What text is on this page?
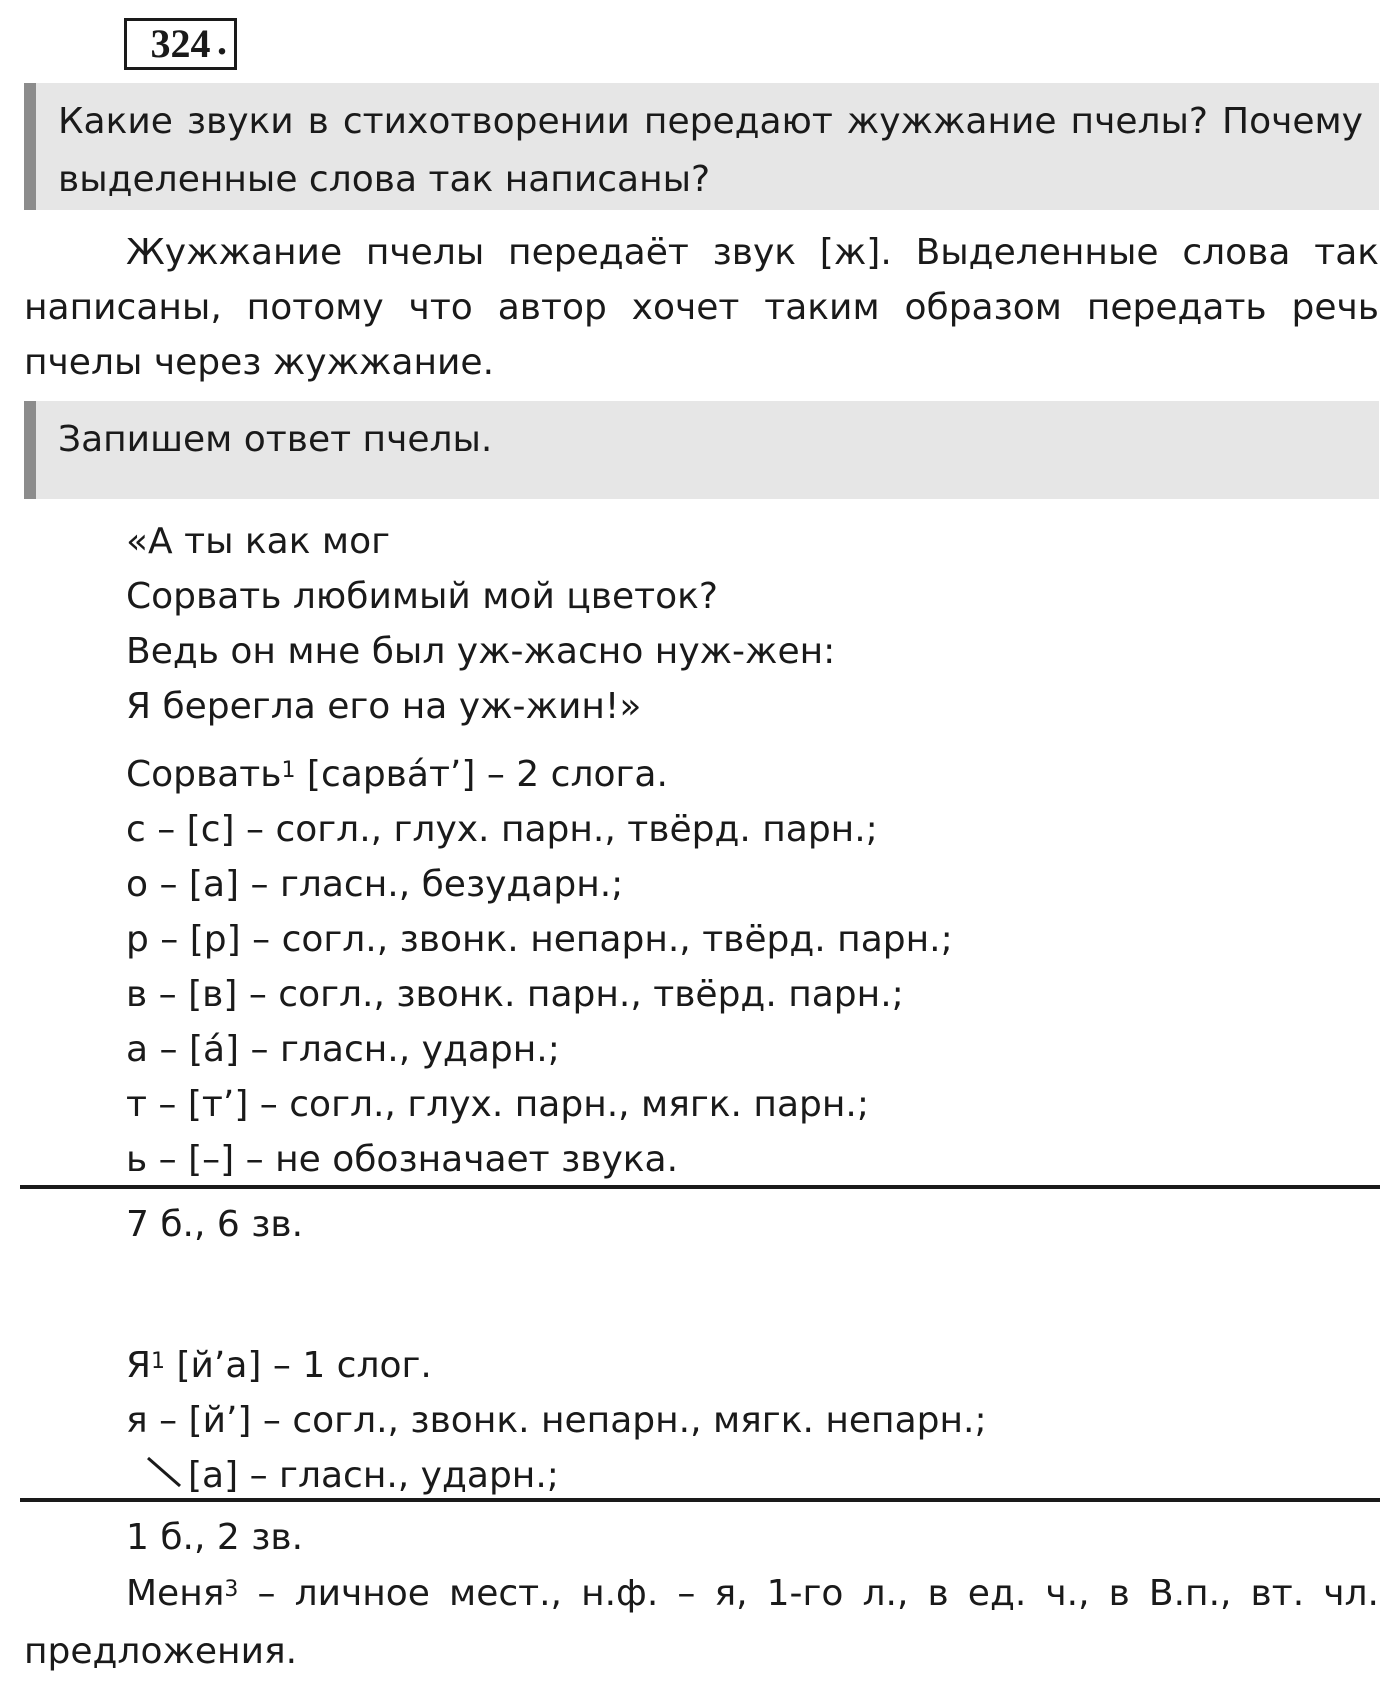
324 .
Какие звуки в стихотворении передают жужжание пчелы? Почему выделенные слова так написаны?
Жужжание пчелы передаёт звук [ж]. Выделенные слова так написаны, потому что автор хочет таким образом передать речь пчелы через жужжание.
Запишем ответ пчелы.
«А ты как мог
Сорвать любимый мой цветок?
Ведь он мне был уж-жасно нуж-жен:
Я берегла его на уж-жин!»
Сорвать$^1$ [сарва́т’] – 2 слога.
с – [с] – согл., глух. парн., твёрд. парн.;
о – [а] – гласн., безударн.;
р – [р] – согл., звонк. непарн., твёрд. парн.;
в – [в] – согл., звонк. парн., твёрд. парн.;
а – [а́] – гласн., ударн.;
т – [т’] – согл., глух. парн., мягк. парн.;
ь – [–] – не обозначает звука.
7 б., 6 зв.
$Я^1$ [й’а] – 1 слог.
я – [й’] – согл., звонк. непарн., мягк. непарн.;
[а] – гласн., ударн.;
1 б., 2 зв.
Меня$^3$ – личное мест., н.ф. – я, 1-го л., в ед. ч., в В.п., вт. чл. предложения.
